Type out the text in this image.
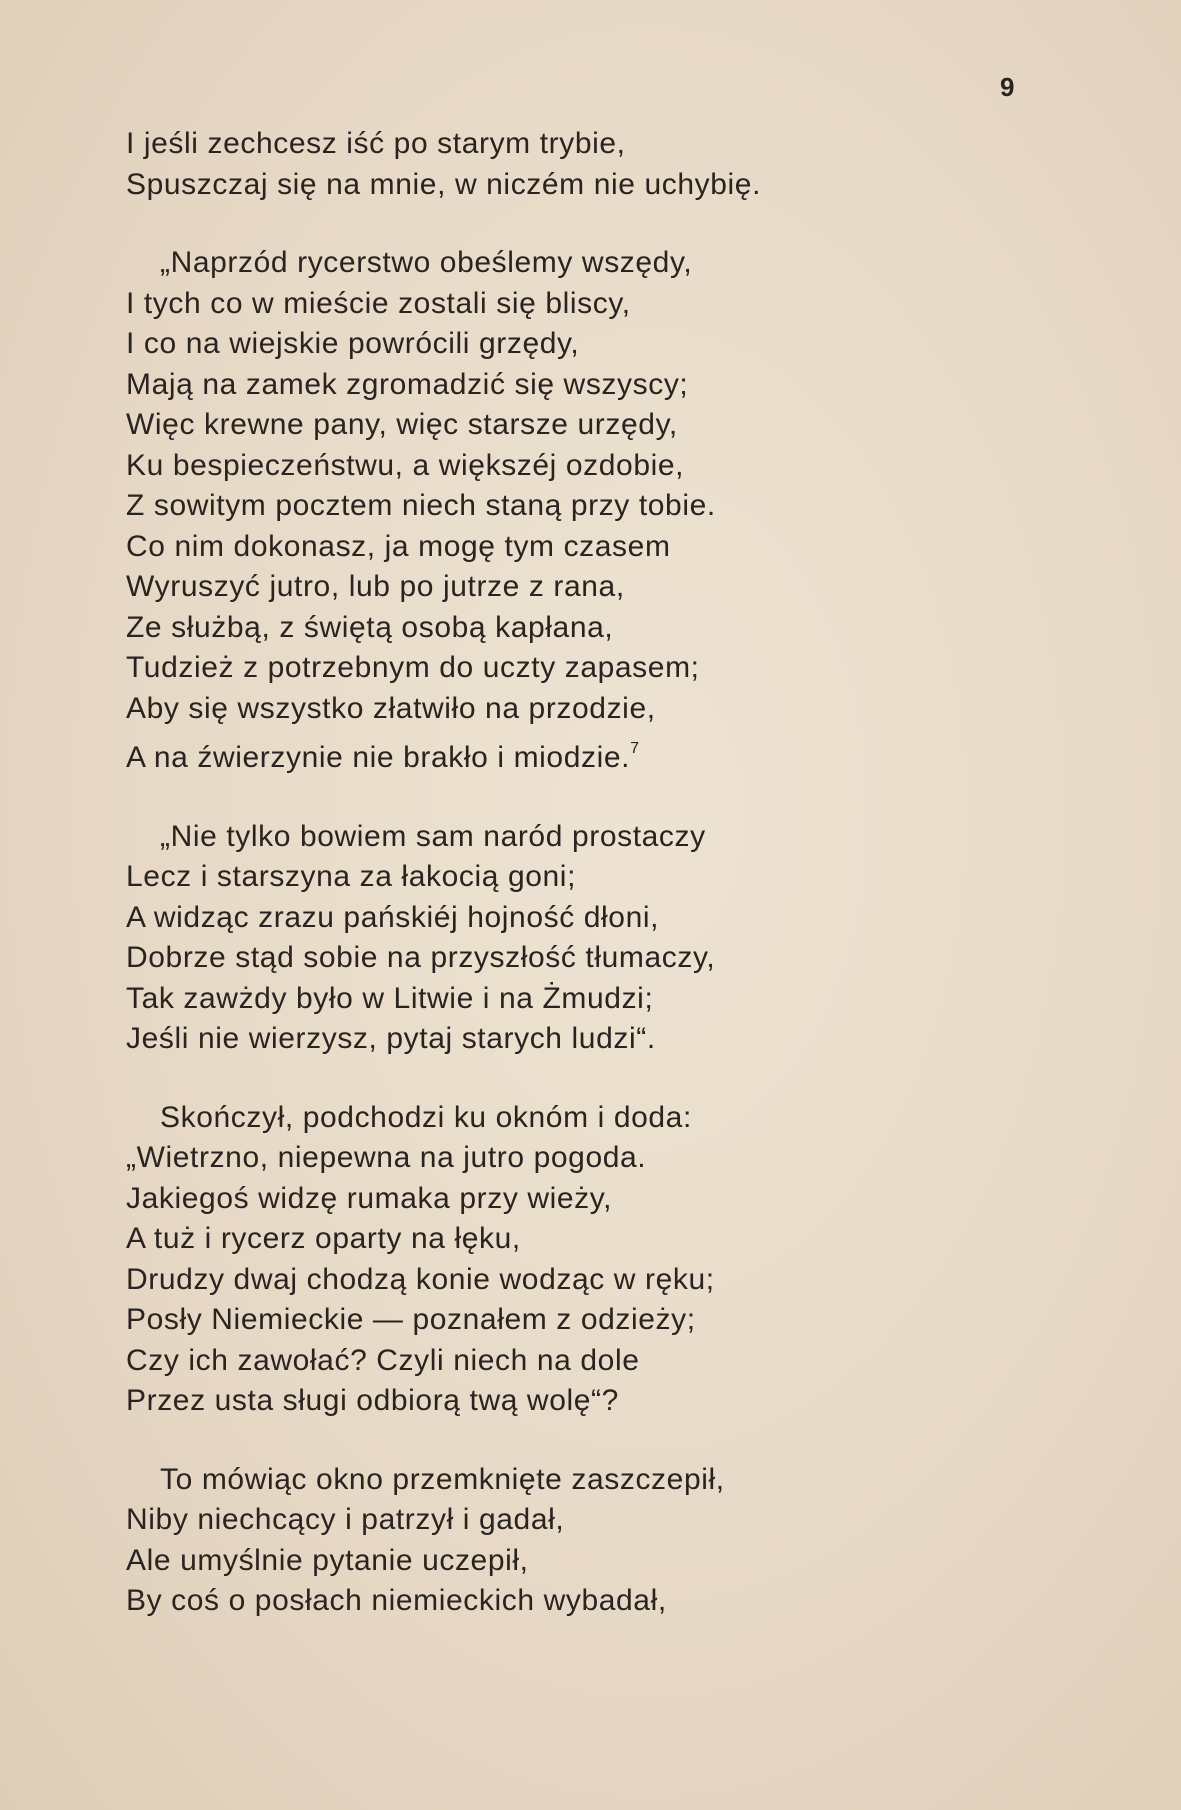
9
I jeśli zechcesz iść po starym trybie,
Spuszczaj się na mnie, w niczém nie uchybię.
„Naprzód rycerstwo obeślemy wszędy,
I tych co w mieście zostali się bliscy,
I co na wiejskie powrócili grzędy,
Mają na zamek zgromadzić się wszyscy;
Więc krewne pany, więc starsze urzędy,
Ku bespieczeństwu, a większéj ozdobie,
Z sowitym pocztem niech staną przy tobie.
Co nim dokonasz, ja mogę tym czasem
Wyruszyć jutro, lub po jutrze z rana,
Ze służbą, z świętą osobą kapłana,
Tudzież z potrzebnym do uczty zapasem;
Aby się wszystko złatwiło na przodzie,
A na źwierzynie nie brakło i miodzie.$^7$
„Nie tylko bowiem sam naród prostaczy
Lecz i starszyna za łakocią goni;
A widząc zrazu pańskiéj hojność dłoni,
Dobrze stąd sobie na przyszłość tłumaczy,
Tak zawżdy było w Litwie i na Żmudzi;
Jeśli nie wierzysz, pytaj starych ludzi“.
Skończył, podchodzi ku oknóm i doda:
„Wietrzno, niepewna na jutro pogoda.
Jakiegoś widzę rumaka przy wieży,
A tuż i rycerz oparty na łęku,
Drudzy dwaj chodzą konie wodząc w ręku;
Posły Niemieckie — poznałem z odzieży;
Czy ich zawołać? Czyli niech na dole
Przez usta sługi odbiorą twą wolę“?
To mówiąc okno przemknięte zaszczepił,
Niby niechcący i patrzył i gadał,
Ale umyślnie pytanie uczepił,
By coś o posłach niemieckich wybadał,
